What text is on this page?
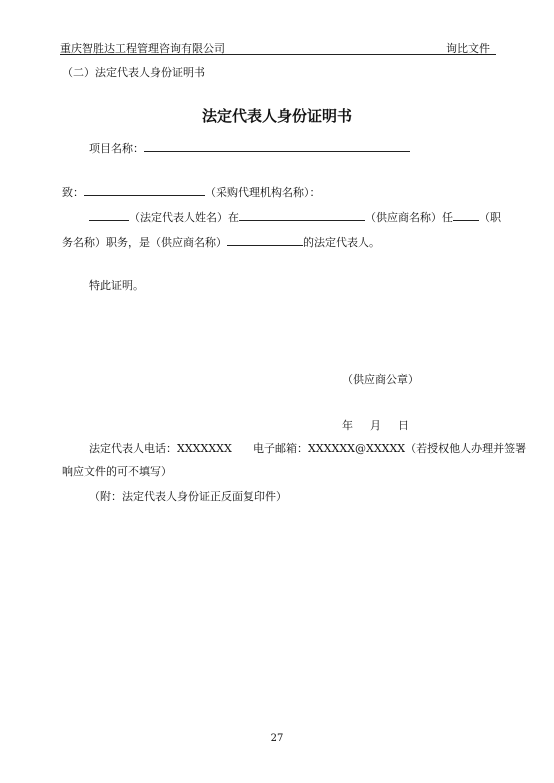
重庆智胜达工程管理咨询有限公司	询比文件
（二）法定代表人身份证明书
法定代表人身份证明书
项目名称：
致：	（采购代理机构名称）：
（法定代表人姓名）在	（供应商名称）任 （职
务名称）职务，是（供应商名称）	的法定代表人。
特此证明。
（供应商公章）
年 月 日
法定代表人电话：XXXXXXX 电子邮箱：XXXXXX@XXXXX（若授权他人办理并签署
响应文件的可不填写）
（附：法定代表人身份证正反面复印件）
27
